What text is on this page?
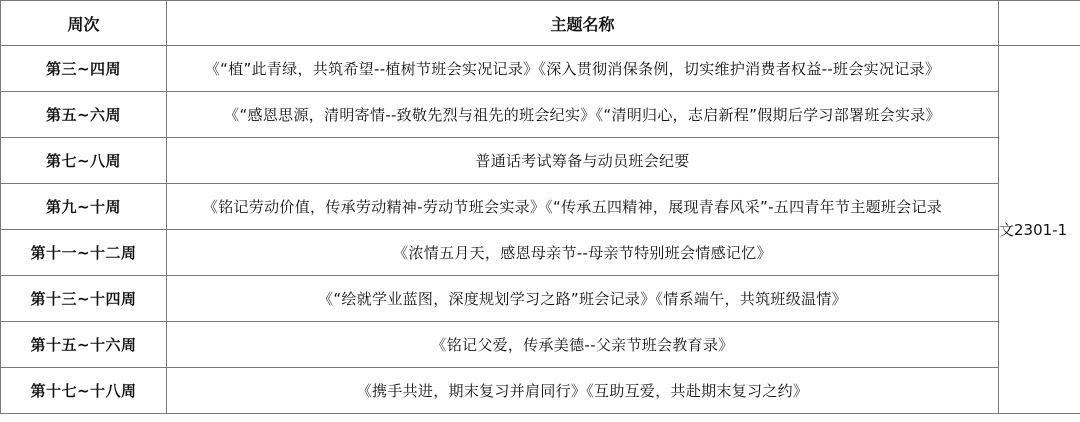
周次	主题名称	
第三~四周	《“植”此青绿，共筑希望--植树节班会实况记录》《深入贯彻消保条例，切实维护消费者权益--班会实况记录》	文2301-1
第五~六周	《“感恩思源，清明寄情--致敬先烈与祖先的班会纪实》《“清明归心，志启新程”假期后学习部署班会实录》	
第七~八周	普通话考试筹备与动员班会纪要	
第九~十周	《铭记劳动价值，传承劳动精神-劳动节班会实录》《“传承五四精神，展现青春风采”-五四青年节主题班会记录	
第十一~十二周	《浓情五月天，感恩母亲节--母亲节特别班会情感记忆》	
第十三~十四周	《“绘就学业蓝图，深度规划学习之路”班会记录》《情系端午，共筑班级温情》	
第十五~十六周	《铭记父爱，传承美德--父亲节班会教育录》	
第十七~十八周	《携手共进，期末复习并肩同行》《互助互爱，共赴期末复习之约》	
